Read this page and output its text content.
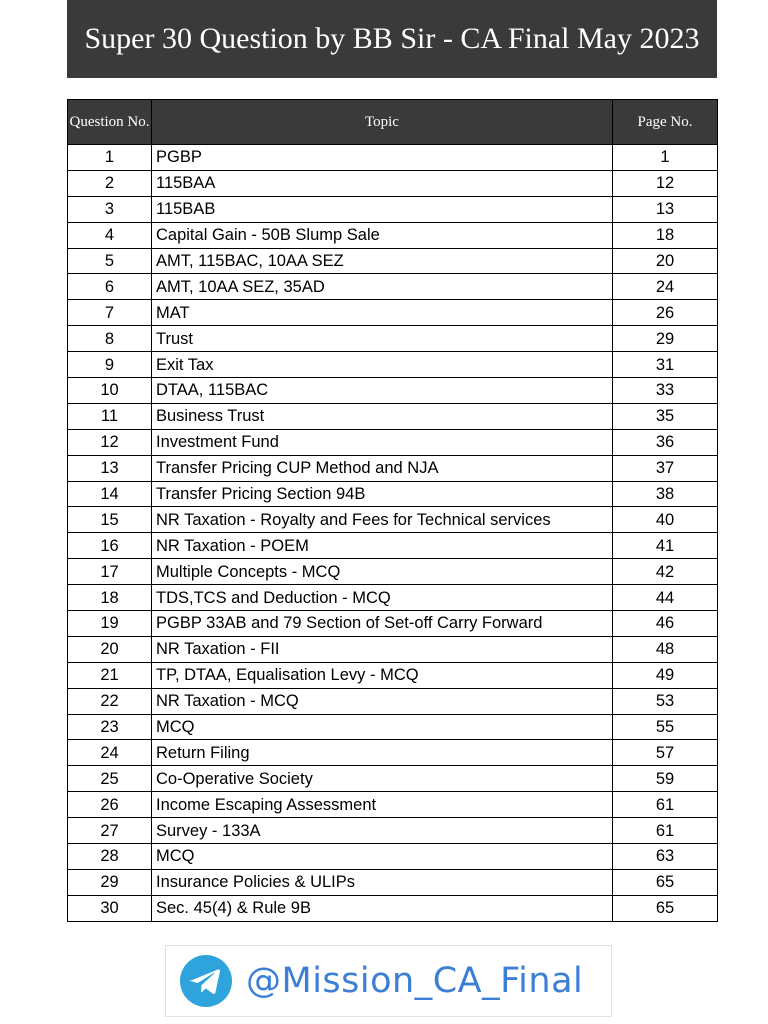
Super 30 Question by BB Sir - CA Final May 2023
Question No.	Topic	Page No.
1	PGBP	1
2	115BAA	12
3	115BAB	13
4	Capital Gain - 50B Slump Sale	18
5	AMT, 115BAC, 10AA SEZ	20
6	AMT, 10AA SEZ, 35AD	24
7	MAT	26
8	Trust	29
9	Exit Tax	31
10	DTAA, 115BAC	33
11	Business Trust	35
12	Investment Fund	36
13	Transfer Pricing CUP Method and NJA	37
14	Transfer Pricing Section 94B	38
15	NR Taxation - Royalty and Fees for Technical services	40
16	NR Taxation - POEM	41
17	Multiple Concepts - MCQ	42
18	TDS,TCS and Deduction - MCQ	44
19	PGBP 33AB and 79 Section of Set-off Carry Forward	46
20	NR Taxation - FII	48
21	TP, DTAA, Equalisation Levy - MCQ	49
22	NR Taxation - MCQ	53
23	MCQ	55
24	Return Filing	57
25	Co-Operative Society	59
26	Income Escaping Assessment	61
27	Survey - 133A	61
28	MCQ	63
29	Insurance Policies & ULIPs	65
30	Sec. 45(4) & Rule 9B	65
@Mission_CA_Final
